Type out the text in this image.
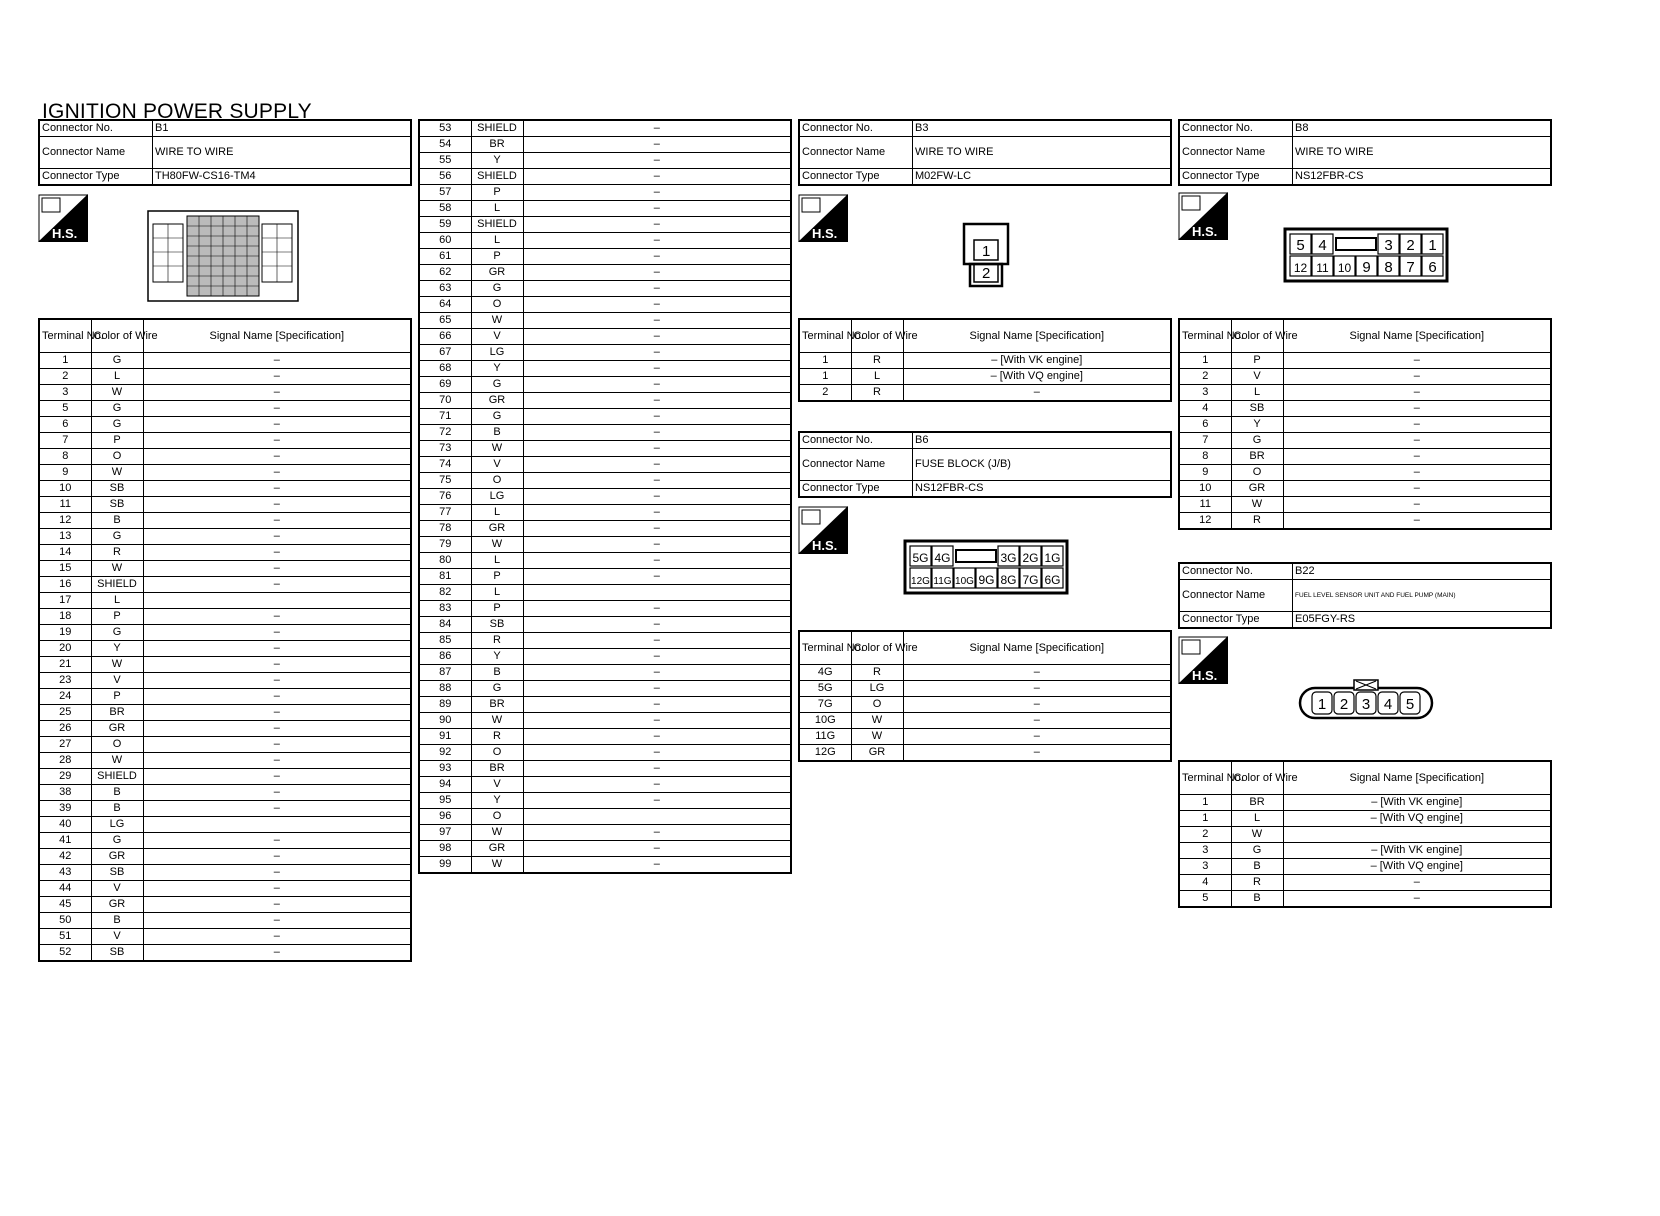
IGNITION POWER SUPPLY
Connector No.	B1
Connector Name	WIRE TO WIRE
Connector Type	TH80FW-CS16-TM4
H.S.
Terminal No.	Color of Wire	Signal Name [Specification]
1	G	–
2	L	–
3	W	–
5	G	–
6	G	–
7	P	–
8	O	–
9	W	–
10	SB	–
11	SB	–
12	B	–
13	G	–
14	R	–
15	W	–
16	SHIELD	–
17	L	
18	P	–
19	G	–
20	Y	–
21	W	–
23	V	–
24	P	–
25	BR	–
26	GR	–
27	O	–
28	W	–
29	SHIELD	–
38	B	–
39	B	–
40	LG	
41	G	–
42	GR	–
43	SB	–
44	V	–
45	GR	–
50	B	–
51	V	–
52	SB	–
53	SHIELD	–
54	BR	–
55	Y	–
56	SHIELD	–
57	P	–
58	L	–
59	SHIELD	–
60	L	–
61	P	–
62	GR	–
63	G	–
64	O	–
65	W	–
66	V	–
67	LG	–
68	Y	–
69	G	–
70	GR	–
71	G	–
72	B	–
73	W	–
74	V	–
75	O	–
76	LG	–
77	L	–
78	GR	–
79	W	–
80	L	–
81	P	–
82	L	
83	P	–
84	SB	–
85	R	–
86	Y	–
87	B	–
88	G	–
89	BR	–
90	W	–
91	R	–
92	O	–
93	BR	–
94	V	–
95	Y	–
96	O	
97	W	–
98	GR	–
99	W	–
Connector No.	B3
Connector Name	WIRE TO WIRE
Connector Type	M02FW-LC
H.S.
1
2
Terminal No.	Color of Wire	Signal Name [Specification]
1	R	– [With VK engine]
1	L	– [With VQ engine]
2	R	–
Connector No.	B6
Connector Name	FUSE BLOCK (J/B)
Connector Type	NS12FBR-CS
H.S.
5G 4G	3G 2G 1G
12G 11G 10G 9G 8G 7G 6G
Terminal No.	Color of Wire	Signal Name [Specification]
4G	R	–
5G	LG	–
7G	O	–
10G	W	–
11G	W	–
12G	GR	–
Connector No.	B8
Connector Name	WIRE TO WIRE
Connector Type	NS12FBR-CS
H.S.
5 4	3 2 1
12 11 10 9 8 7 6
Terminal No.	Color of Wire	Signal Name [Specification]
1	P	–
2	V	–
3	L	–
4	SB	–
6	Y	–
7	G	–
8	BR	–
9	O	–
10	GR	–
11	W	–
12	R	–
Connector No.	B22
Connector Name	FUEL LEVEL SENSOR UNIT AND FUEL PUMP (MAIN)
Connector Type	E05FGY-RS
H.S.
1 2 3 4 5
Terminal No.	Color of Wire	Signal Name [Specification]
1	BR	– [With VK engine]
1	L	– [With VQ engine]
2	W	
3	G	– [With VK engine]
3	B	– [With VQ engine]
4	R	–
5	B	–
